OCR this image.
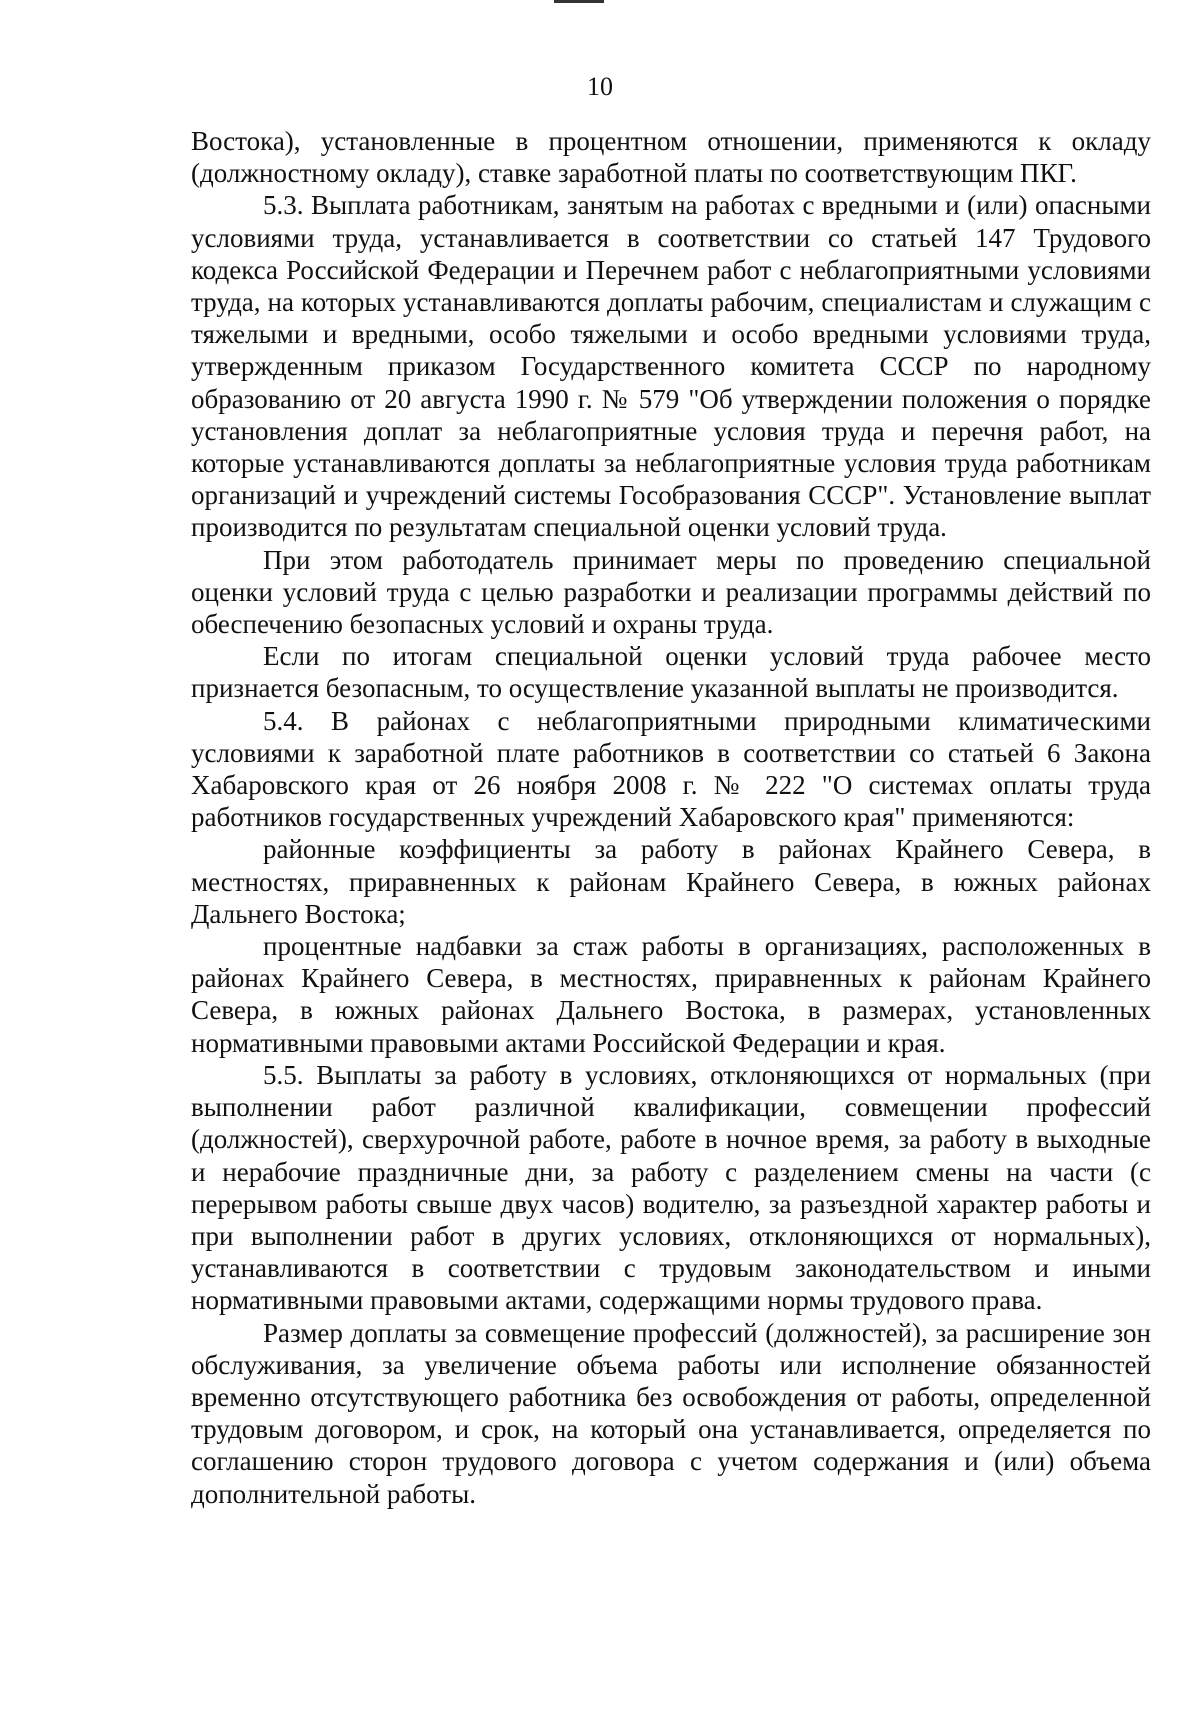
10

Востока), установленные в процентном отношении, применяются к окладу (должностному окладу), ставке заработной платы по соответствующим ПКГ.

5.3. Выплата работникам, занятым на работах с вредными и (или) опасными условиями труда, устанавливается в соответствии со статьей 147 Трудового кодекса Российской Федерации и Перечнем работ с неблагоприятными условиями труда, на которых устанавливаются доплаты рабочим, специалистам и служащим с тяжелыми и вредными, особо тяжелыми и особо вредными условиями труда, утвержденным приказом Государственного комитета СССР по народному образованию от 20 августа 1990 г. № 579 "Об утверждении положения о порядке установления доплат за неблагоприятные условия труда и перечня работ, на которые устанавливаются доплаты за неблагоприятные условия труда работникам организаций и учреждений системы Гособразования СССР". Установление выплат производится по результатам специальной оценки условий труда.

При этом работодатель принимает меры по проведению специальной оценки условий труда с целью разработки и реализации программы действий по обеспечению безопасных условий и охраны труда.

Если по итогам специальной оценки условий труда рабочее место признается безопасным, то осуществление указанной выплаты не производится.

5.4. В районах с неблагоприятными природными климатическими условиями к заработной плате работников в соответствии со статьей 6 Закона Хабаровского края от 26 ноября 2008 г. № 222 "О системах оплаты труда работников государственных учреждений Хабаровского края" применяются:

районные коэффициенты за работу в районах Крайнего Севера, в местностях, приравненных к районам Крайнего Севера, в южных районах Дальнего Востока;

процентные надбавки за стаж работы в организациях, расположенных в районах Крайнего Севера, в местностях, приравненных к районам Крайнего Севера, в южных районах Дальнего Востока, в размерах, установленных нормативными правовыми актами Российской Федерации и края.

5.5. Выплаты за работу в условиях, отклоняющихся от нормальных (при выполнении работ различной квалификации, совмещении профессий (должностей), сверхурочной работе, работе в ночное время, за работу в выходные и нерабочие праздничные дни, за работу с разделением смены на части (с перерывом работы свыше двух часов) водителю, за разъездной характер работы и при выполнении работ в других условиях, отклоняющихся от нормальных), устанавливаются в соответствии с трудовым законодательством и иными нормативными правовыми актами, содержащими нормы трудового права.

Размер доплаты за совмещение профессий (должностей), за расширение зон обслуживания, за увеличение объема работы или исполнение обязанностей временно отсутствующего работника без освобождения от работы, определенной трудовым договором, и срок, на который она устанавливается, определяется по соглашению сторон трудового договора с учетом содержания и (или) объема дополнительной работы.
